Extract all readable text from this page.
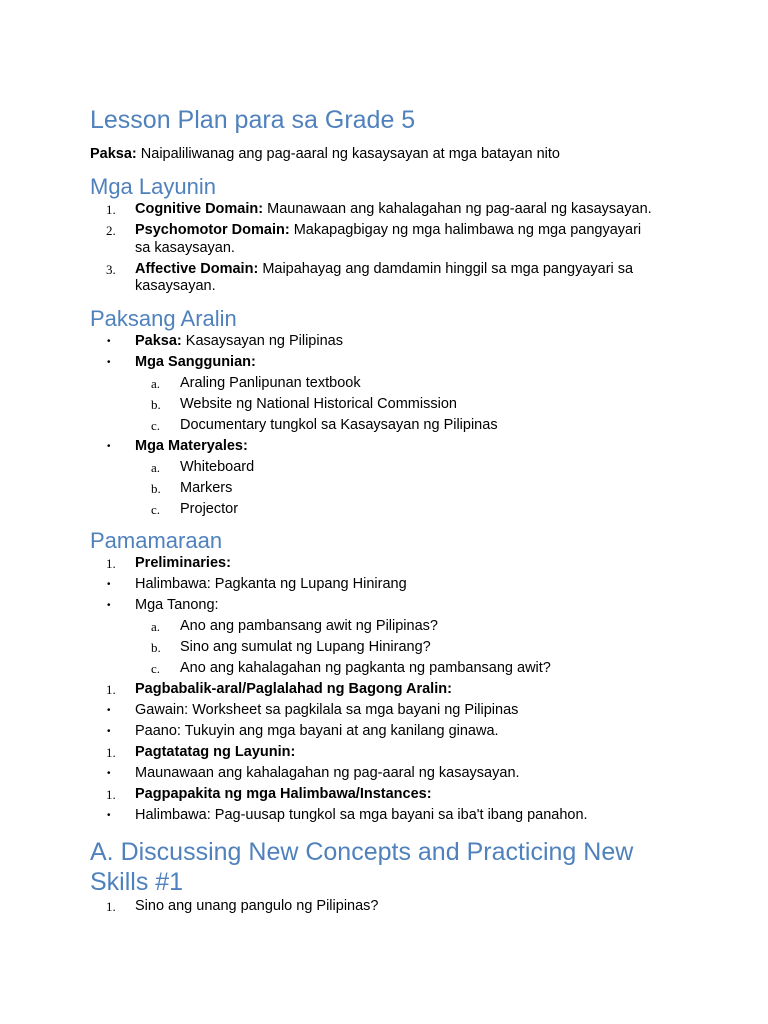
Lesson Plan para sa Grade 5

Paksa: Naipaliliwanag ang pag-aaral ng kasaysayan at mga batayan nito

Mga Layunin
1. Cognitive Domain: Maunawaan ang kahalagahan ng pag-aaral ng kasaysayan.
2. Psychomotor Domain: Makapagbigay ng mga halimbawa ng mga pangyayari
sa kasaysayan.
3. Affective Domain: Maipahayag ang damdamin hinggil sa mga pangyayari sa
kasaysayan.
Paksang Aralin
• Paksa: Kasaysayan ng Pilipinas
• Mga Sanggunian:
a. Araling Panlipunan textbook
b. Website ng National Historical Commission
c. Documentary tungkol sa Kasaysayan ng Pilipinas
• Mga Materyales:
a. Whiteboard
b. Markers
c. Projector
Pamamaraan
1. Preliminaries:
• Halimbawa: Pagkanta ng Lupang Hinirang
• Mga Tanong:
a. Ano ang pambansang awit ng Pilipinas?
b. Sino ang sumulat ng Lupang Hinirang?
c. Ano ang kahalagahan ng pagkanta ng pambansang awit?
1. Pagbabalik-aral/Paglalahad ng Bagong Aralin:
• Gawain: Worksheet sa pagkilala sa mga bayani ng Pilipinas
• Paano: Tukuyin ang mga bayani at ang kanilang ginawa.
1. Pagtatatag ng Layunin:
• Maunawaan ang kahalagahan ng pag-aaral ng kasaysayan.
1. Pagpapakita ng mga Halimbawa/Instances:
• Halimbawa: Pag-uusap tungkol sa mga bayani sa iba't ibang panahon.
A. Discussing New Concepts and Practicing New
Skills #1
1. Sino ang unang pangulo ng Pilipinas?
